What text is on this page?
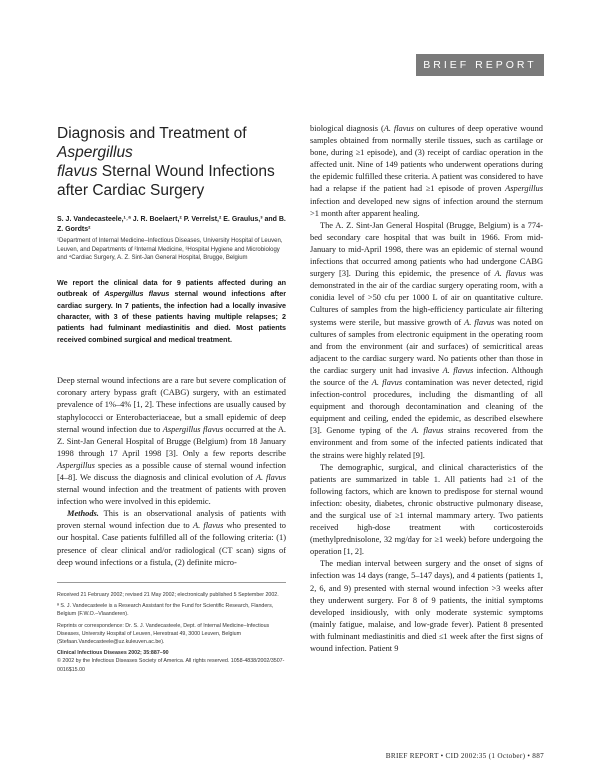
BRIEF REPORT
Diagnosis and Treatment of Aspergillus
flavus Sternal Wound Infections
after Cardiac Surgery
S. J. Vandecasteele,¹˒ª J. R. Boelaert,² P. Verrelst,² E. Graulus,³ and B. Z. Gordts²
¹Department of Internal Medicine–Infectious Diseases, University Hospital of Leuven, Leuven, and Departments of ²Internal Medicine, ³Hospital Hygiene and Microbiology and ⁴Cardiac Surgery, A. Z. Sint-Jan General Hospital, Brugge, Belgium
We report the clinical data for 9 patients affected during an outbreak of Aspergillus flavus sternal wound infections after cardiac surgery. In 7 patients, the infection had a locally invasive character, with 3 of these patients having multiple relapses; 2 patients had fulminant mediastinitis and died. Most patients received combined surgical and medical treatment.

Deep sternal wound infections are a rare but severe complication of coronary artery bypass graft (CABG) surgery, with an estimated prevalence of 1%–4% [1, 2]. These infections are usually caused by staphylococci or Enterobacteriaceae, but a small epidemic of deep sternal wound infection due to Aspergillus flavus occurred at the A. Z. Sint-Jan General Hospital of Brugge (Belgium) from 18 January 1998 through 17 April 1998 [3]. Only a few reports describe Aspergillus species as a possible cause of sternal wound infection [4–8]. We discuss the diagnosis and clinical evolution of A. flavus sternal wound infection and the treatment of patients with proven infection who were involved in this epidemic.

Methods. This is an observational analysis of patients with proven sternal wound infection due to A. flavus who presented to our hospital. Case patients fulfilled all of the following criteria: (1) presence of clear clinical and/or radiological (CT scan) signs of deep wound infections or a fistula, (2) definite micro-

Received 21 February 2002; revised 21 May 2002; electronically published 5 September 2002.

ª S. J. Vandecasteele is a Research Assistant for the Fund for Scientific Research, Flanders, Belgium (F.W.O.–Vlaanderen).

Reprints or correspondence: Dr. S. J. Vandecasteele, Dept. of Internal Medicine–Infectious Diseases, University Hospital of Leuven, Herestraat 49, 3000 Leuven, Belgium (Stefaan.Vandecasteele@uz.kuleuven.ac.be).

Clinical Infectious Diseases 2002; 35:887–90
© 2002 by the Infectious Diseases Society of America. All rights reserved. 1058-4838/2002/3507-0016$15.00

biological diagnosis (A. flavus on cultures of deep operative wound samples obtained from normally sterile tissues, such as cartilage or bone, during ≥1 episode), and (3) receipt of cardiac operation in the affected unit. Nine of 149 patients who underwent operations during the epidemic fulfilled these criteria. A patient was considered to have had a relapse if the patient had ≥1 episode of proven Aspergillus infection and developed new signs of infection around the sternum >1 month after apparent healing.

The A. Z. Sint-Jan General Hospital (Brugge, Belgium) is a 774-bed secondary care hospital that was built in 1966. From mid-January to mid-April 1998, there was an epidemic of sternal wound infections that occurred among patients who had undergone CABG surgery [3]. During this epidemic, the presence of A. flavus was demonstrated in the air of the cardiac surgery operating room, with a conidia level of >50 cfu per 1000 L of air on quantitative culture. Cultures of samples from the high-efficiency particulate air filtering systems were sterile, but massive growth of A. flavus was noted on cultures of samples from electronic equipment in the operating room and from the environment (air and surfaces) of semicritical areas adjacent to the cardiac surgery ward. No patients other than those in the cardiac surgery unit had invasive A. flavus infection. Although the source of the A. flavus contamination was never detected, rigid infection-control procedures, including the dismantling of all equipment and thorough decontamination and cleaning of the equipment and ceiling, ended the epidemic, as described elsewhere [3]. Genome typing of the A. flavus strains recovered from the environment and from some of the infected patients indicated that the strains were highly related [9].

The demographic, surgical, and clinical characteristics of the patients are summarized in table 1. All patients had ≥1 of the following factors, which are known to predispose for sternal wound infection: obesity, diabetes, chronic obstructive pulmonary disease, and the surgical use of ≥1 internal mammary artery. Two patients received high-dose treatment with corticosteroids (methylprednisolone, 32 mg/day for ≥1 week) before undergoing the operation [1, 2].

The median interval between surgery and the onset of signs of infection was 14 days (range, 5–147 days), and 4 patients (patients 1, 2, 6, and 9) presented with sternal wound infection >3 weeks after they underwent surgery. For 8 of 9 patients, the initial symptoms developed insidiously, with only moderate systemic symptoms (mainly fatigue, malaise, and low-grade fever). Patient 8 presented with fulminant mediastinitis and died ≤1 week after the first signs of wound infection. Patient 9

BRIEF REPORT • CID 2002:35 (1 October) • 887
